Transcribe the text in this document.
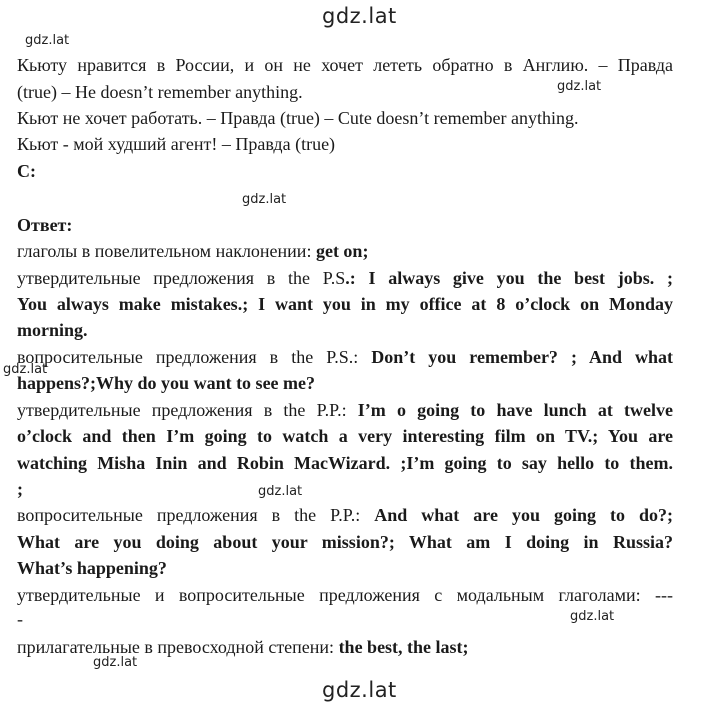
gdz.lat
gdz.lat
gdz.lat
gdz.lat
gdz.lat
gdz.lat
gdz.lat
gdz.lat
gdz.lat
Кьюту нравится в России, и он не хочет лететь обратно в Англию. – Правда
(true) – He doesn’t remember anything.
Кьют не хочет работать. – Правда (true) – Cute doesn’t remember anything.
Кьют - мой худший агент! – Правда (true)
C:
Ответ:
глаголы в повелительном наклонении: get on;
утвердительные предложения в the P.S.: I always give you the best jobs. ;
You always make mistakes.; I want you in my office at 8 o’clock on Monday
morning.
вопросительные предложения в the P.S.: Don’t you remember? ; And what
happens?;Why do you want to see me?
утвердительные предложения в the P.P.: I’m o going to have lunch at twelve
o’clock and then I’m going to watch a very interesting film on TV.; You are
watching Misha Inin and Robin MacWizard. ;I’m going to say hello to them.
;
вопросительные предложения в the P.P.: And what are you going to do?;
What are you doing about your mission?; What am I doing in Russia?
What’s happening?
утвердительные и вопросительные предложения с модальным глаголами: ---
-
прилагательные в превосходной степени: the best, the last;
